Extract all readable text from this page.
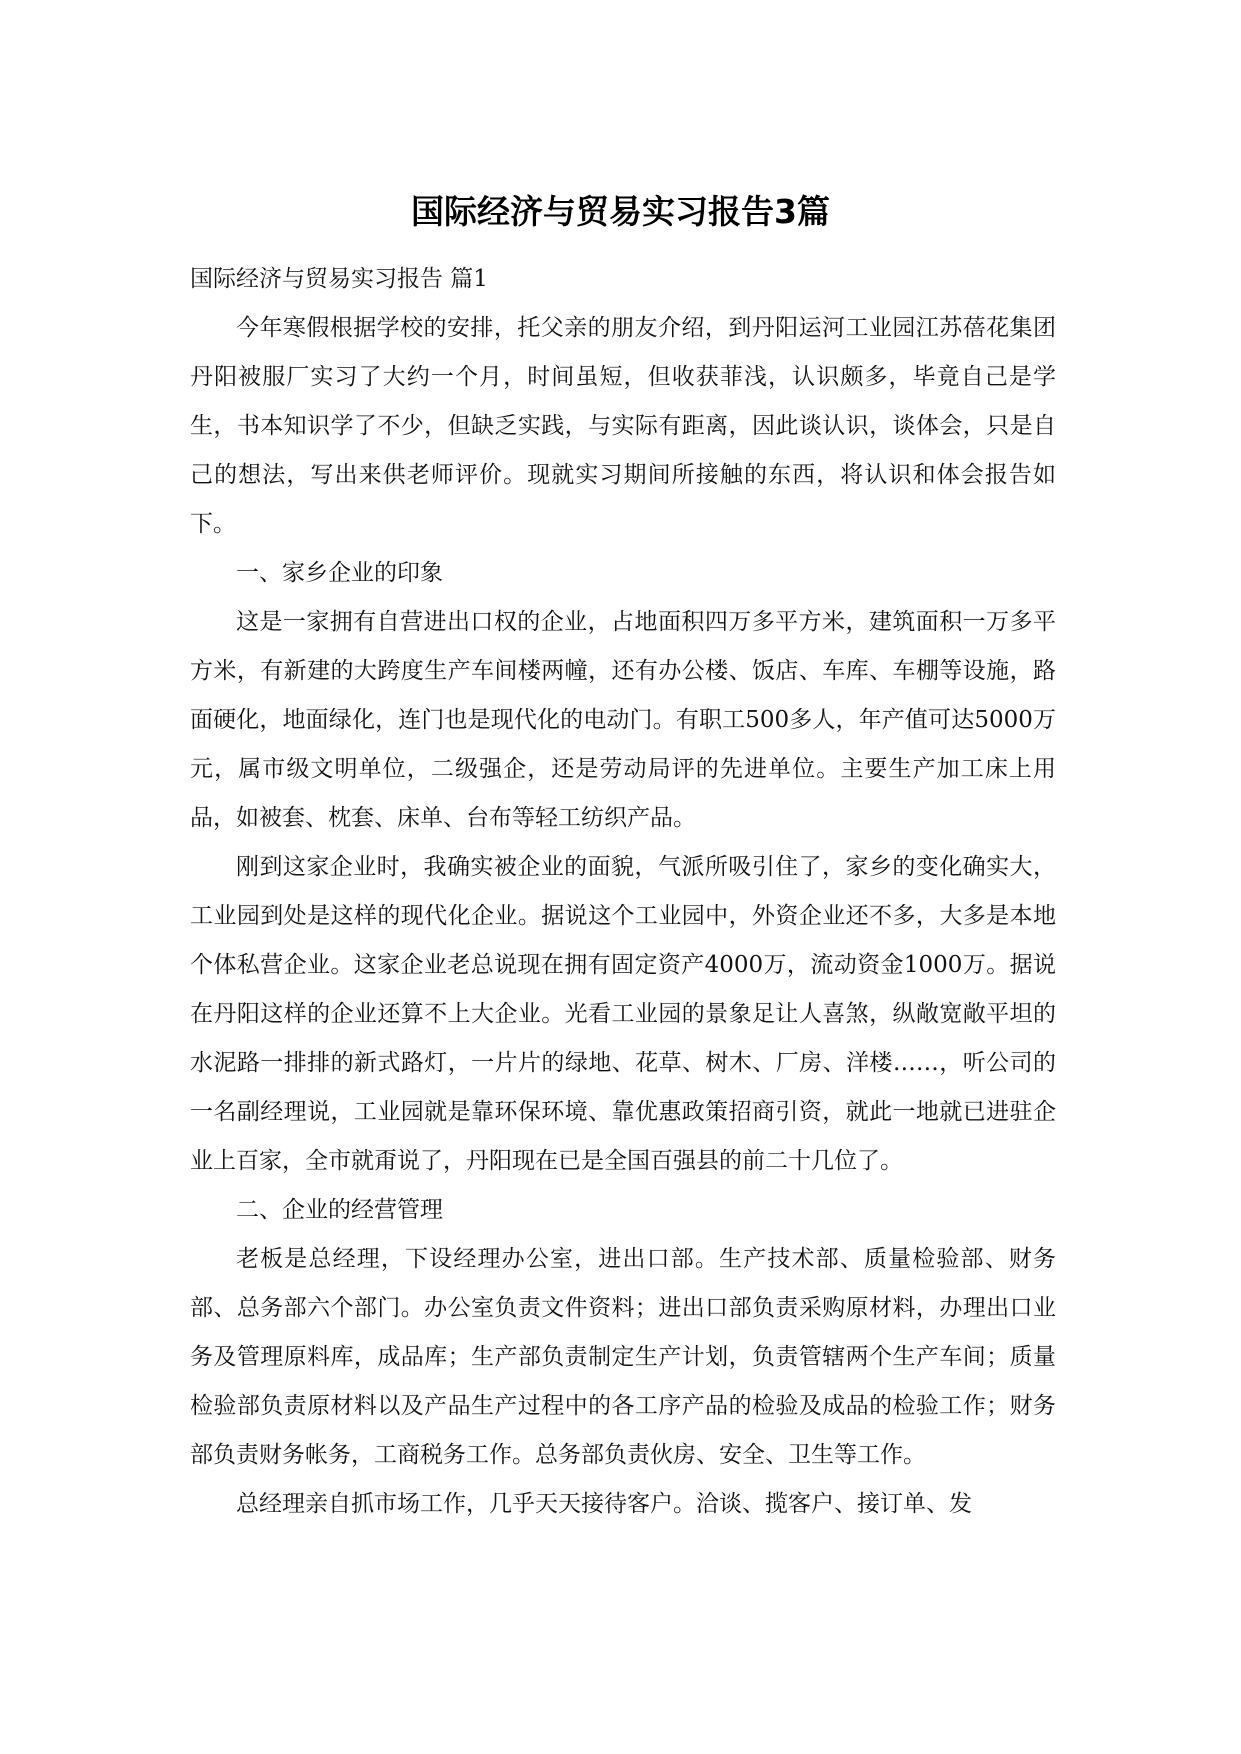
国际经济与贸易实习报告3篇

国际经济与贸易实习报告 篇1

今年寒假根据学校的安排，托父亲的朋友介绍，到丹阳运河工业园江苏蓓花集团丹阳被服厂实习了大约一个月，时间虽短，但收获菲浅，认识颇多，毕竟自己是学生，书本知识学了不少，但缺乏实践，与实际有距离，因此谈认识，谈体会，只是自己的想法，写出来供老师评价。现就实习期间所接触的东西，将认识和体会报告如下。

一、家乡企业的印象

这是一家拥有自营进出口权的企业，占地面积四万多平方米，建筑面积一万多平方米，有新建的大跨度生产车间楼两幢，还有办公楼、饭店、车库、车棚等设施，路面硬化，地面绿化，连门也是现代化的电动门。有职工500多人，年产值可达5000万元，属市级文明单位，二级强企，还是劳动局评的先进单位。主要生产加工床上用品，如被套、枕套、床单、台布等轻工纺织产品。

刚到这家企业时，我确实被企业的面貌，气派所吸引住了，家乡的变化确实大，工业园到处是这样的现代化企业。据说这个工业园中，外资企业还不多，大多是本地个体私营企业。这家企业老总说现在拥有固定资产4000万，流动资金1000万。据说在丹阳这样的企业还算不上大企业。光看工业园的景象足让人喜煞，纵敞宽敞平坦的水泥路一排排的新式路灯，一片片的绿地、花草、树木、厂房、洋楼……，听公司的一名副经理说，工业园就是靠环保环境、靠优惠政策招商引资，就此一地就已进驻企业上百家，全市就甭说了，丹阳现在已是全国百强县的前二十几位了。

二、企业的经营管理

老板是总经理，下设经理办公室，进出口部。生产技术部、质量检验部、财务部、总务部六个部门。办公室负责文件资料；进出口部负责采购原材料，办理出口业务及管理原料库，成品库；生产部负责制定生产计划，负责管辖两个生产车间；质量检验部负责原材料以及产品生产过程中的各工序产品的检验及成品的检验工作；财务部负责财务帐务，工商税务工作。总务部负责伙房、安全、卫生等工作。

总经理亲自抓市场工作，几乎天天接待客户。洽谈、揽客户、接订单、发
